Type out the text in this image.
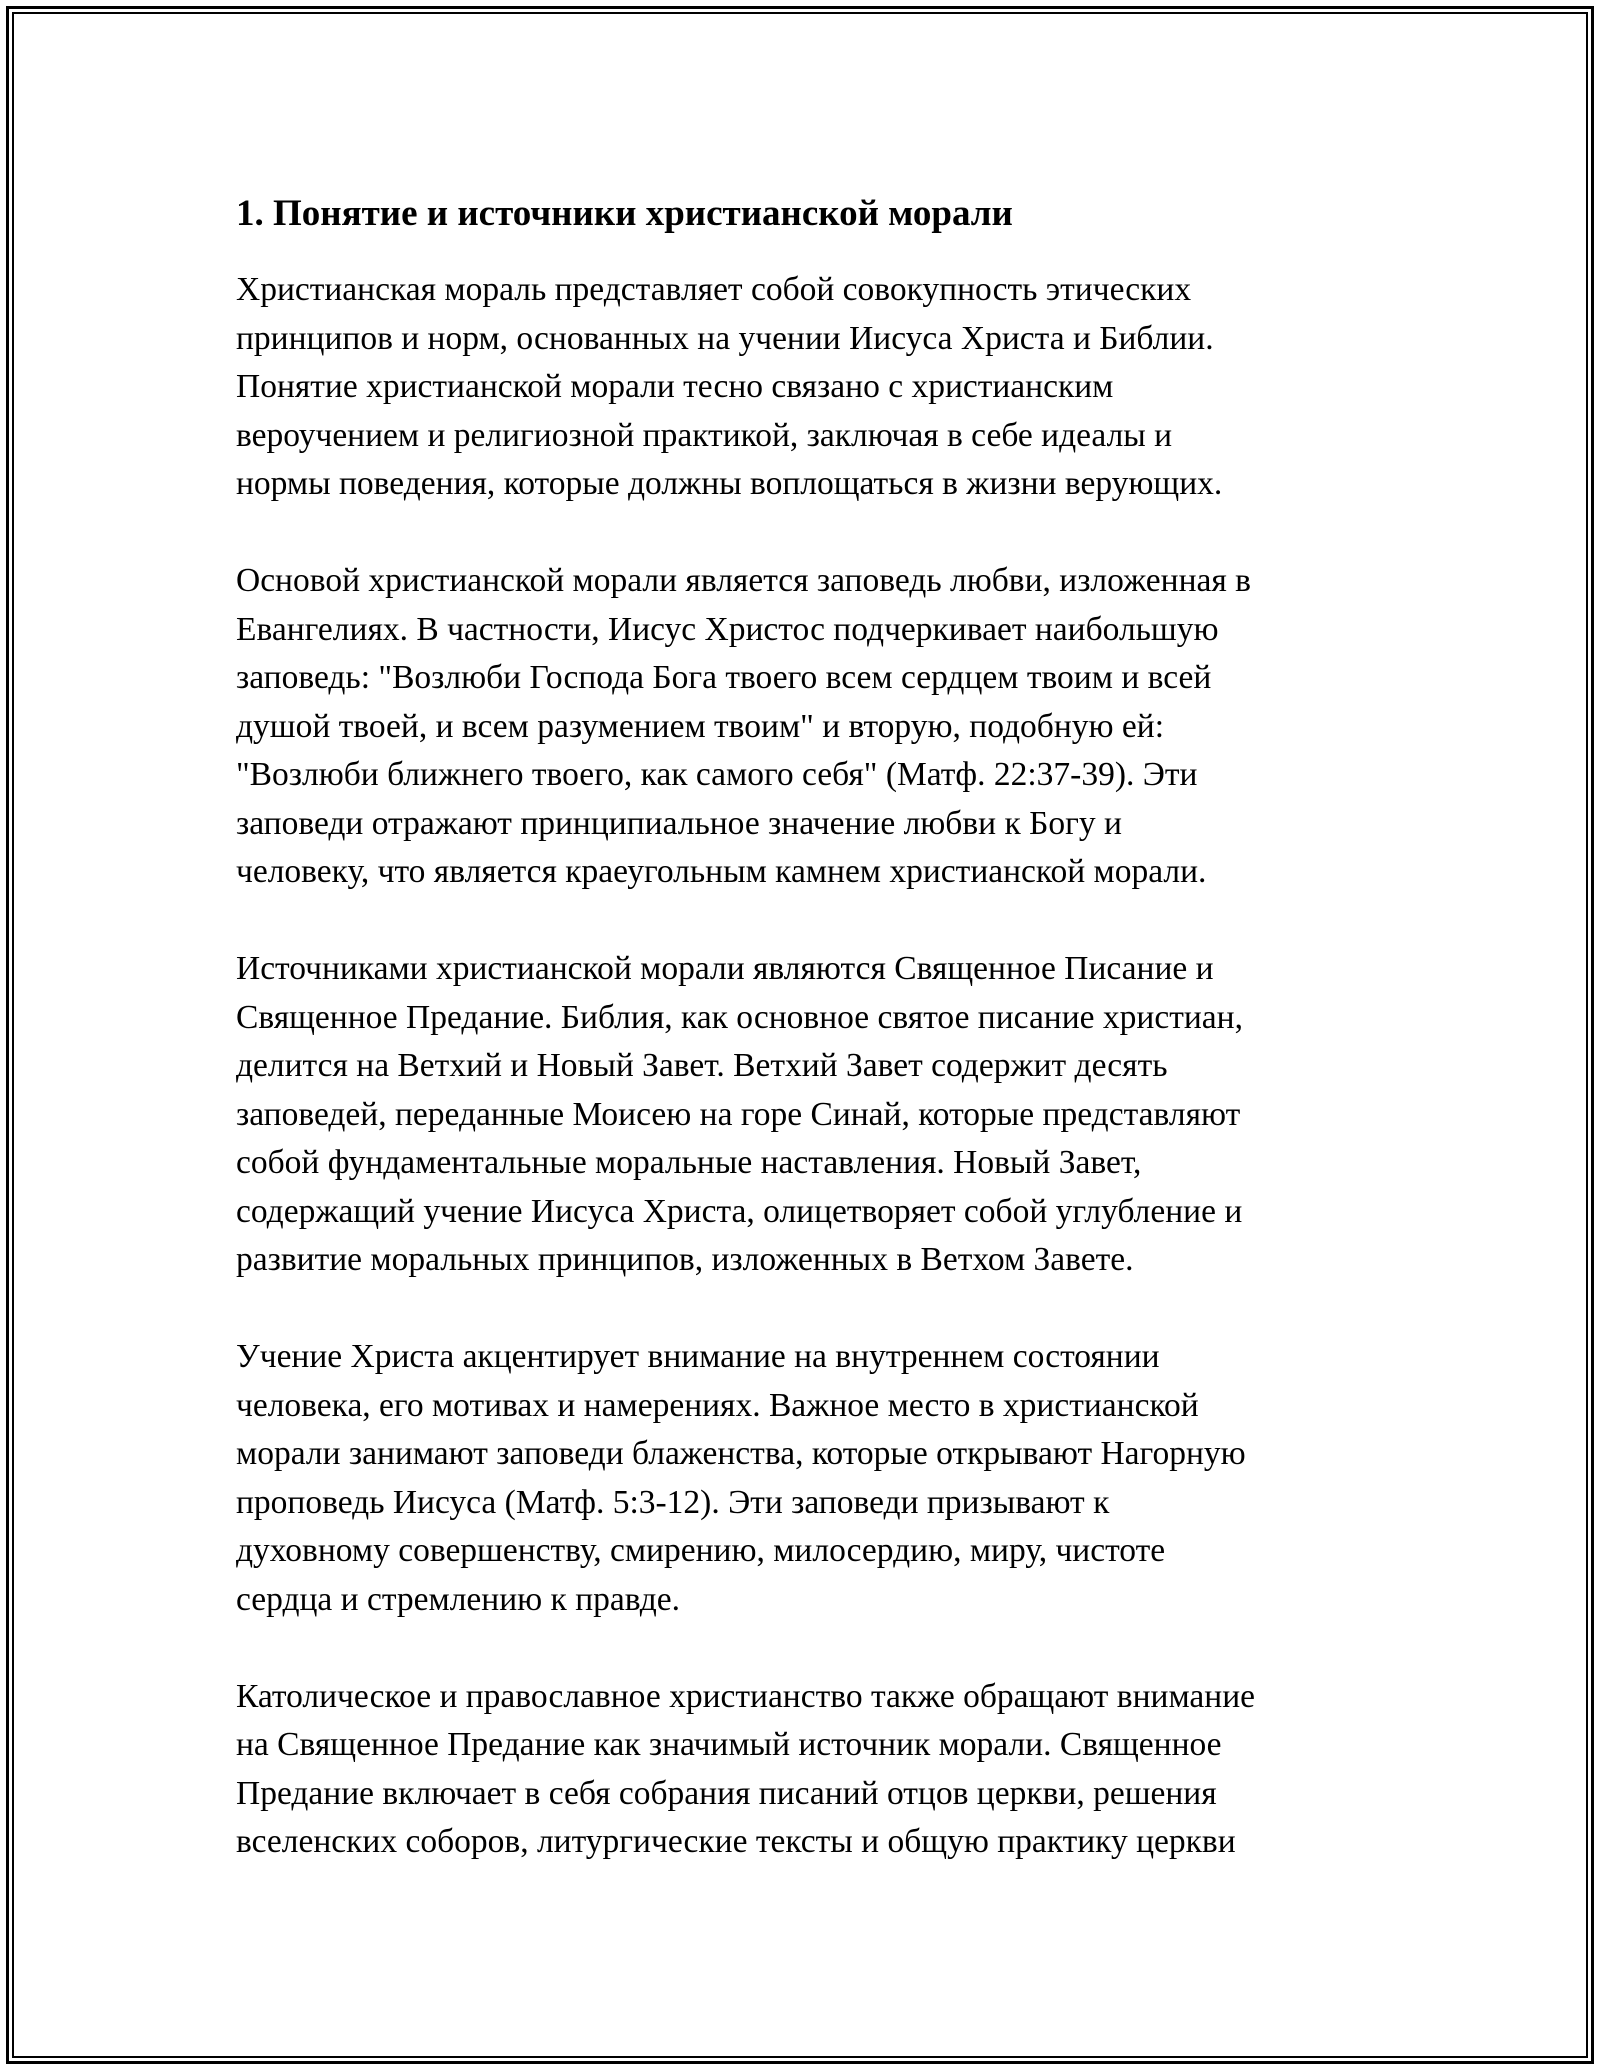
1. Понятие и источники христианской морали

Христианская мораль представляет собой совокупность этических
принципов и норм, основанных на учении Иисуса Христа и Библии.
Понятие христианской морали тесно связано с христианским
вероучением и религиозной практикой, заключая в себе идеалы и
нормы поведения, которые должны воплощаться в жизни верующих.

Основой христианской морали является заповедь любви, изложенная в
Евангелиях. В частности, Иисус Христос подчеркивает наибольшую
заповедь: "Возлюби Господа Бога твоего всем сердцем твоим и всей
душой твоей, и всем разумением твоим" и вторую, подобную ей:
"Возлюби ближнего твоего, как самого себя" (Матф. 22:37-39). Эти
заповеди отражают принципиальное значение любви к Богу и
человеку, что является краеугольным камнем христианской морали.

Источниками христианской морали являются Священное Писание и
Священное Предание. Библия, как основное святое писание христиан,
делится на Ветхий и Новый Завет. Ветхий Завет содержит десять
заповедей, переданные Моисею на горе Синай, которые представляют
собой фундаментальные моральные наставления. Новый Завет,
содержащий учение Иисуса Христа, олицетворяет собой углубление и
развитие моральных принципов, изложенных в Ветхом Завете.

Учение Христа акцентирует внимание на внутреннем состоянии
человека, его мотивах и намерениях. Важное место в христианской
морали занимают заповеди блаженства, которые открывают Нагорную
проповедь Иисуса (Матф. 5:3-12). Эти заповеди призывают к
духовному совершенству, смирению, милосердию, миру, чистоте
сердца и стремлению к правде.

Католическое и православное христианство также обращают внимание
на Священное Предание как значимый источник морали. Священное
Предание включает в себя собрания писаний отцов церкви, решения
вселенских соборов, литургические тексты и общую практику церкви
